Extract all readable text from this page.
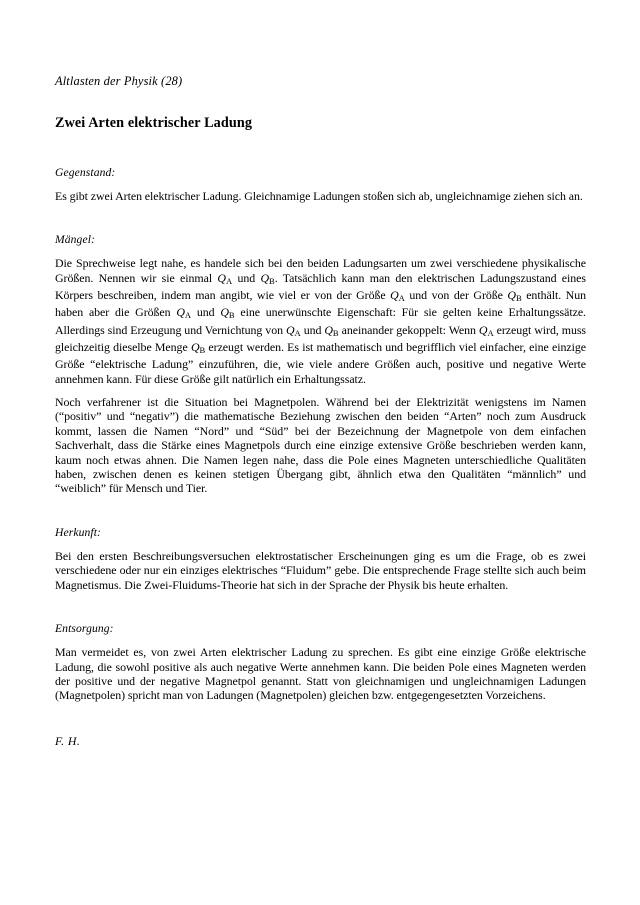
Altlasten der Physik (28)
Zwei Arten elektrischer Ladung
Gegenstand:

Es gibt zwei Arten elektrischer Ladung. Gleichnamige Ladungen stoßen sich ab, ungleichnamige ziehen sich an.

Mängel:

Die Sprechweise legt nahe, es handele sich bei den beiden Ladungsarten um zwei verschiedene physikalische Größen. Nennen wir sie einmal $Q_A$ und $Q_B$. Tatsächlich kann man den elektrischen Ladungszustand eines Körpers beschreiben, indem man angibt, wie viel er von der Größe $Q_A$ und von der Größe $Q_B$ enthält. Nun haben aber die Größen $Q_A$ und $Q_B$ eine unerwünschte Eigenschaft: Für sie gelten keine Erhaltungssätze. Allerdings sind Erzeugung und Vernichtung von $Q_A$ und $Q_B$ aneinander gekoppelt: Wenn $Q_A$ erzeugt wird, muss gleichzeitig dieselbe Menge $Q_B$ erzeugt werden. Es ist mathematisch und begrifflich viel einfacher, eine einzige Größe “elektrische Ladung” einzuführen, die, wie viele andere Größen auch, positive und negative Werte annehmen kann. Für diese Größe gilt natürlich ein Erhaltungssatz.

Noch verfahrener ist die Situation bei Magnetpolen. Während bei der Elektrizität wenigstens im Namen (“positiv” und “negativ”) die mathematische Beziehung zwischen den beiden “Arten” noch zum Ausdruck kommt, lassen die Namen “Nord” und “Süd” bei der Bezeichnung der Magnetpole von dem einfachen Sachverhalt, dass die Stärke eines Magnetpols durch eine einzige extensive Größe beschrieben werden kann, kaum noch etwas ahnen. Die Namen legen nahe, dass die Pole eines Magneten unterschiedliche Qualitäten haben, zwischen denen es keinen stetigen Übergang gibt, ähnlich etwa den Qualitäten “männlich” und “weiblich” für Mensch und Tier.

Herkunft:

Bei den ersten Beschreibungsversuchen elektrostatischer Erscheinungen ging es um die Frage, ob es zwei verschiedene oder nur ein einziges elektrisches “Fluidum” gebe. Die entsprechende Frage stellte sich auch beim Magnetismus. Die Zwei-Fluidums-Theorie hat sich in der Sprache der Physik bis heute erhalten.

Entsorgung:

Man vermeidet es, von zwei Arten elektrischer Ladung zu sprechen. Es gibt eine einzige Größe elektrische Ladung, die sowohl positive als auch negative Werte annehmen kann. Die beiden Pole eines Magneten werden der positive und der negative Magnetpol genannt. Statt von gleichnamigen und ungleichnamigen Ladungen (Magnetpolen) spricht man von Ladungen (Magnetpolen) gleichen bzw. entgegengesetzten Vorzeichens.

F. H.
